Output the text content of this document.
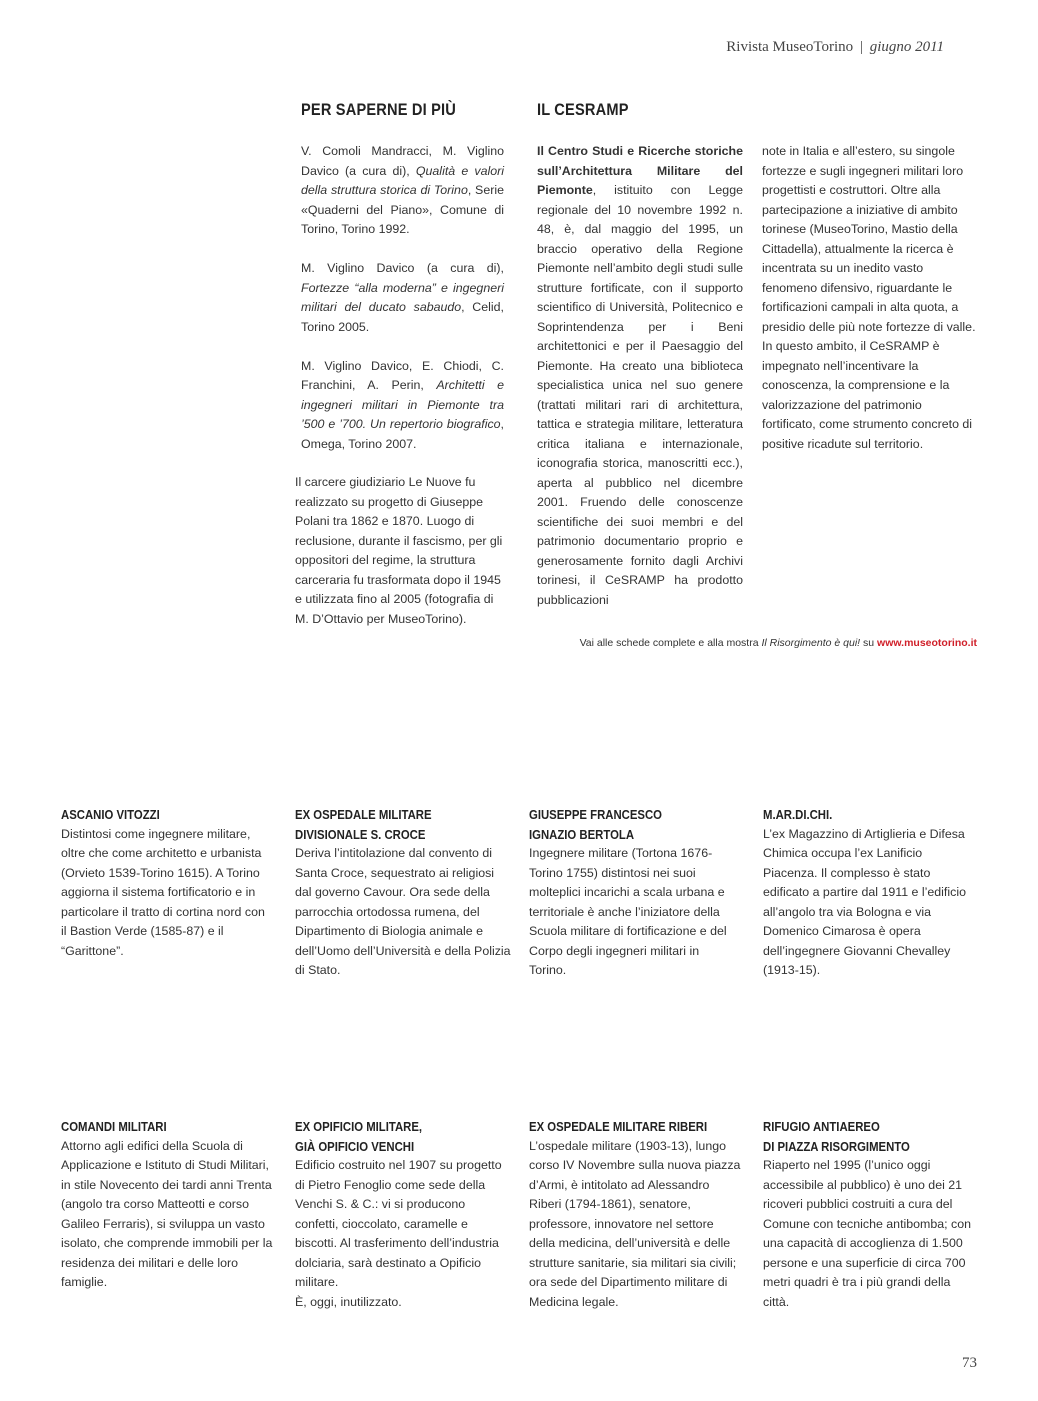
Rivista MuseoTorino | giugno 2011
PER SAPERNE DI PIÙ

V. Comoli Mandracci, M. Viglino Davico (a cura di), Qualità e valori della struttura storica di Torino, Serie «Quaderni del Piano», Comune di Torino, Torino 1992.

M. Viglino Davico (a cura di), Fortezze “alla moderna” e ingegneri militari del ducato sabaudo, Celid, Torino 2005.

M. Viglino Davico, E. Chiodi, C. Franchini, A. Perin, Architetti e ingegneri militari in Piemonte tra ’500 e ’700. Un repertorio biografico, Omega, Torino 2007.

Il carcere giudiziario Le Nuove fu realizzato su progetto di Giuseppe Polani tra 1862 e 1870. Luogo di reclusione, durante il fascismo, per gli oppositori del regime, la struttura carceraria fu trasformata dopo il 1945 e utilizzata fino al 2005 (fotografia di M. D’Ottavio per MuseoTorino).
IL CESRAMP
Il Centro Studi e Ricerche storiche sull’Architettura Militare del Piemonte, istituito con Legge regionale del 10 novembre 1992 n. 48, è, dal maggio del 1995, un braccio operativo della Regione Piemonte nell’ambito degli studi sulle strutture fortificate, con il supporto scientifico di Università, Politecnico e Soprintendenza per i Beni architettonici e per il Paesaggio del Piemonte. Ha creato una biblioteca specialistica unica nel suo genere (trattati militari rari di architettura, tattica e strategia militare, letteratura critica italiana e internazionale, iconografia storica, manoscritti ecc.), aperta al pubblico nel dicembre 2001. Fruendo delle conoscenze scientifiche dei suoi membri e del patrimonio documentario proprio e generosamente fornito dagli Archivi torinesi, il CeSRAMP ha prodotto pubblicazioni
note in Italia e all’estero, su singole fortezze e sugli ingegneri militari loro progettisti e costruttori. Oltre alla partecipazione a iniziative di ambito torinese (MuseoTorino, Mastio della Cittadella), attualmente la ricerca è incentrata su un inedito vasto fenomeno difensivo, riguardante le fortificazioni campali in alta quota, a presidio delle più note fortezze di valle. In questo ambito, il CeSRAMP è impegnato nell’incentivare la conoscenza, la comprensione e la valorizzazione del patrimonio fortificato, come strumento concreto di positive ricadute sul territorio.
Vai alle schede complete e alla mostra Il Risorgimento è qui! su www.museotorino.it
ASCANIO VITOZZI
Distintosi come ingegnere militare, oltre che come architetto e urbanista (Orvieto 1539-Torino 1615). A Torino aggiorna il sistema fortificatorio e in particolare il tratto di cortina nord con il Bastion Verde (1585-87) e il “Garittone”.
EX OSPEDALE MILITARE
DIVISIONALE S. CROCE
Deriva l’intitolazione dal convento di Santa Croce, sequestrato ai religiosi dal governo Cavour. Ora sede della parrocchia ortodossa rumena, del Dipartimento di Biologia animale e dell’Uomo dell’Università e della Polizia di Stato.
GIUSEPPE FRANCESCO
IGNAZIO BERTOLA
Ingegnere militare (Tortona 1676-Torino 1755) distintosi nei suoi molteplici incarichi a scala urbana e territoriale è anche l’iniziatore della Scuola militare di fortificazione e del Corpo degli ingegneri militari in Torino.
M.AR.DI.CHI.
L’ex Magazzino di Artiglieria e Difesa Chimica occupa l’ex Lanificio Piacenza. Il complesso è stato edificato a partire dal 1911 e l’edificio all’angolo tra via Bologna e via Domenico Cimarosa è opera dell’ingegnere Giovanni Chevalley (1913-15).
COMANDI MILITARI
Attorno agli edifici della Scuola di Applicazione e Istituto di Studi Militari, in stile Novecento dei tardi anni Trenta (angolo tra corso Matteotti e corso Galileo Ferraris), si sviluppa un vasto isolato, che comprende immobili per la residenza dei militari e delle loro famiglie.
EX OPIFICIO MILITARE,
GIÀ OPIFICIO VENCHI
Edificio costruito nel 1907 su progetto di Pietro Fenoglio come sede della Venchi S. & C.: vi si producono confetti, cioccolato, caramelle e biscotti. Al trasferimento dell’industria dolciaria, sarà destinato a Opificio militare.
È, oggi, inutilizzato.
EX OSPEDALE MILITARE RIBERI
L’ospedale militare (1903-13), lungo corso IV Novembre sulla nuova piazza d’Armi, è intitolato ad Alessandro Riberi (1794-1861), senatore, professore, innovatore nel settore della medicina, dell’università e delle strutture sanitarie, sia militari sia civili; ora sede del Dipartimento militare di Medicina legale.
RIFUGIO ANTIAEREO
DI PIAZZA RISORGIMENTO
Riaperto nel 1995 (l’unico oggi accessibile al pubblico) è uno dei 21 ricoveri pubblici costruiti a cura del Comune con tecniche antibomba; con una capacità di accoglienza di 1.500 persone e una superficie di circa 700 metri quadri è tra i più grandi della città.
73
